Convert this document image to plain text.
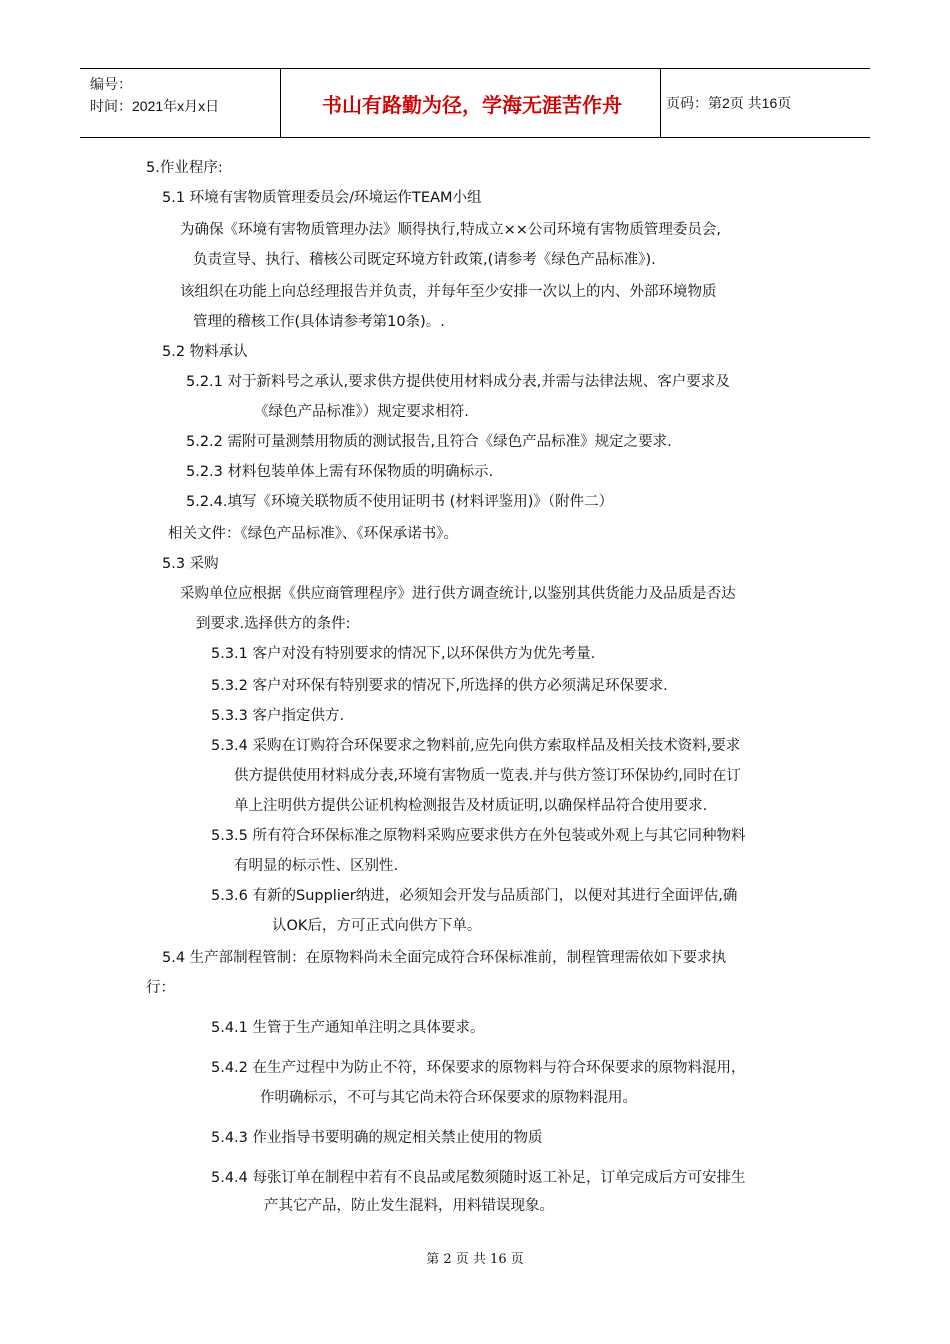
编号：
时间：2021年x月x日	书山有路勤为径，学海无涯苦作舟	页码：第2页 共16页
5.作业程序:
5.1 环境有害物质管理委员会/环境运作TEAM小组
为确保《环境有害物质管理办法》顺得执行,特成立××公司环境有害物质管理委员会,
负责宣导、执行、稽核公司既定环境方针政策,(请参考《绿色产品标准》).
该组织在功能上向总经理报告并负责，并每年至少安排一次以上的内、外部环境物质
管理的稽核工作(具体请参考第10条)。.
5.2 物料承认
5.2.1 对于新料号之承认,要求供方提供使用材料成分表,并需与法律法规、客户要求及
《绿色产品标准》）规定要求相符.
5.2.2 需附可量测禁用物质的测试报告,且符合《绿色产品标准》规定之要求.
5.2.3 材料包装单体上需有环保物质的明确标示.
5.2.4.填写《环境关联物质不使用证明书 (材料评鉴用)》（附件二）
相关文件：《绿色产品标准》、《环保承诺书》。
5.3 采购
采购单位应根据《供应商管理程序》进行供方调查统计,以鉴别其供货能力及品质是否达
到要求.选择供方的条件:
5.3.1 客户对没有特别要求的情况下,以环保供方为优先考量.
5.3.2 客户对环保有特别要求的情况下,所选择的供方必须满足环保要求.
5.3.3 客户指定供方.
5.3.4 采购在订购符合环保要求之物料前,应先向供方索取样品及相关技术资料,要求
供方提供使用材料成分表,环境有害物质一览表.并与供方签订环保协约,同时在订
单上注明供方提供公证机构检测报告及材质证明,以确保样品符合使用要求.
5.3.5 所有符合环保标准之原物料采购应要求供方在外包装或外观上与其它同种物料
有明显的标示性、区别性.
5.3.6 有新的Supplier纳进，必须知会开发与品质部门，以便对其进行全面评估,确
认OK后，方可正式向供方下单。
5.4 生产部制程管制：在原物料尚未全面完成符合环保标准前，制程管理需依如下要求执
行：
5.4.1 生管于生产通知单注明之具体要求。
5.4.2 在生产过程中为防止不符，环保要求的原物料与符合环保要求的原物料混用，
作明确标示，不可与其它尚未符合环保要求的原物料混用。
5.4.3 作业指导书要明确的规定相关禁止使用的物质
5.4.4 每张订单在制程中若有不良品或尾数须随时返工补足，订单完成后方可安排生
产其它产品，防止发生混料，用料错误现象。
第 2 页 共 16 页
